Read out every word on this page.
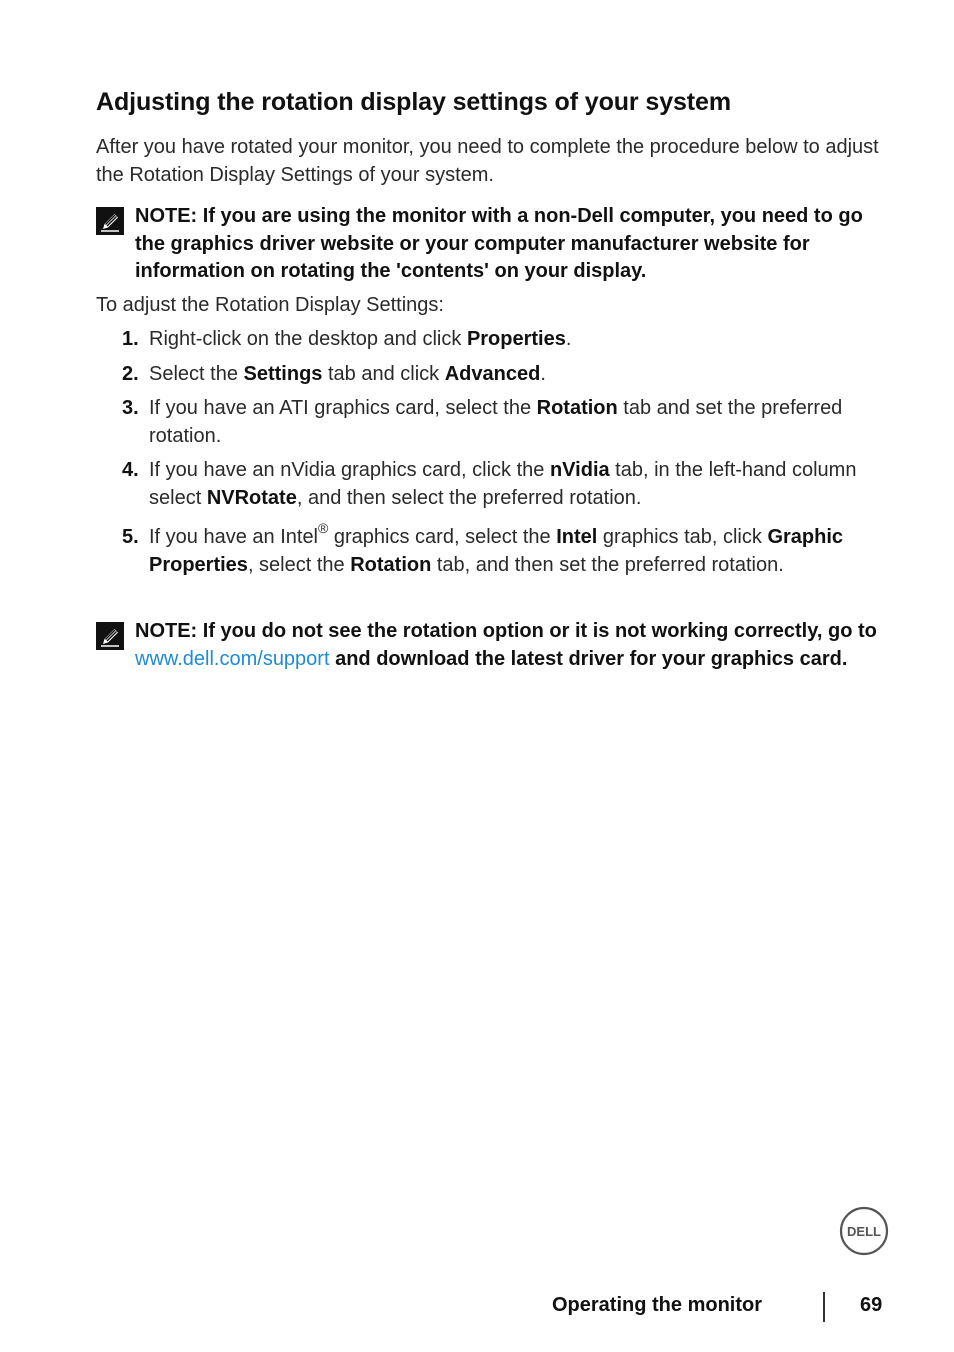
Adjusting the rotation display settings of your system

After you have rotated your monitor, you need to complete the procedure below to adjust the Rotation Display Settings of your system.

NOTE: If you are using the monitor with a non-Dell computer, you need to go the graphics driver website or your computer manufacturer website for information on rotating the 'contents' on your display.

To adjust the Rotation Display Settings:

1. Right-click on the desktop and click Properties.
2. Select the Settings tab and click Advanced.
3. If you have an ATI graphics card, select the Rotation tab and set the preferred rotation.
4. If you have an nVidia graphics card, click the nVidia tab, in the left-hand column select NVRotate, and then select the preferred rotation.
5. If you have an Intel® graphics card, select the Intel graphics tab, click Graphic Properties, select the Rotation tab, and then set the preferred rotation.

NOTE: If you do not see the rotation option or it is not working correctly, go to www.dell.com/support and download the latest driver for your graphics card.

DELL
Operating the monitor	69
